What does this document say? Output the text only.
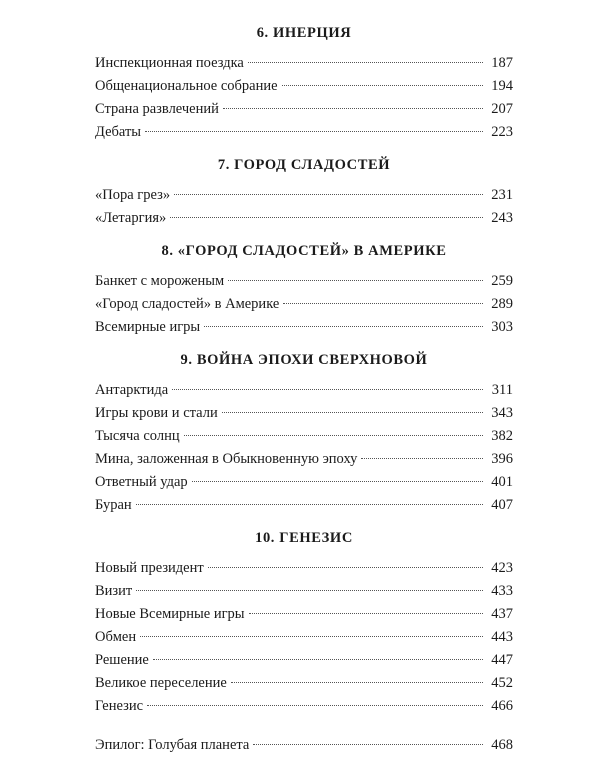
6. ИНЕРЦИЯ
Инспекционная поездка	187
Общенациональное собрание	194
Страна развлечений	207
Дебаты	223
7. ГОРОД СЛАДОСТЕЙ
«Пора грез»	231
«Летаргия»	243
8. «ГОРОД СЛАДОСТЕЙ» В АМЕРИКЕ
Банкет с мороженым	259
«Город сладостей» в Америке	289
Всемирные игры	303
9. ВОЙНА ЭПОХИ СВЕРХНОВОЙ
Антарктида	311
Игры крови и стали	343
Тысяча солнц	382
Мина, заложенная в Обыкновенную эпоху	396
Ответный удар	401
Буран	407
10. ГЕНЕЗИС
Новый президент	423
Визит	433
Новые Всемирные игры	437
Обмен	443
Решение	447
Великое переселение	452
Генезис	466
Эпилог: Голубая планета	468
